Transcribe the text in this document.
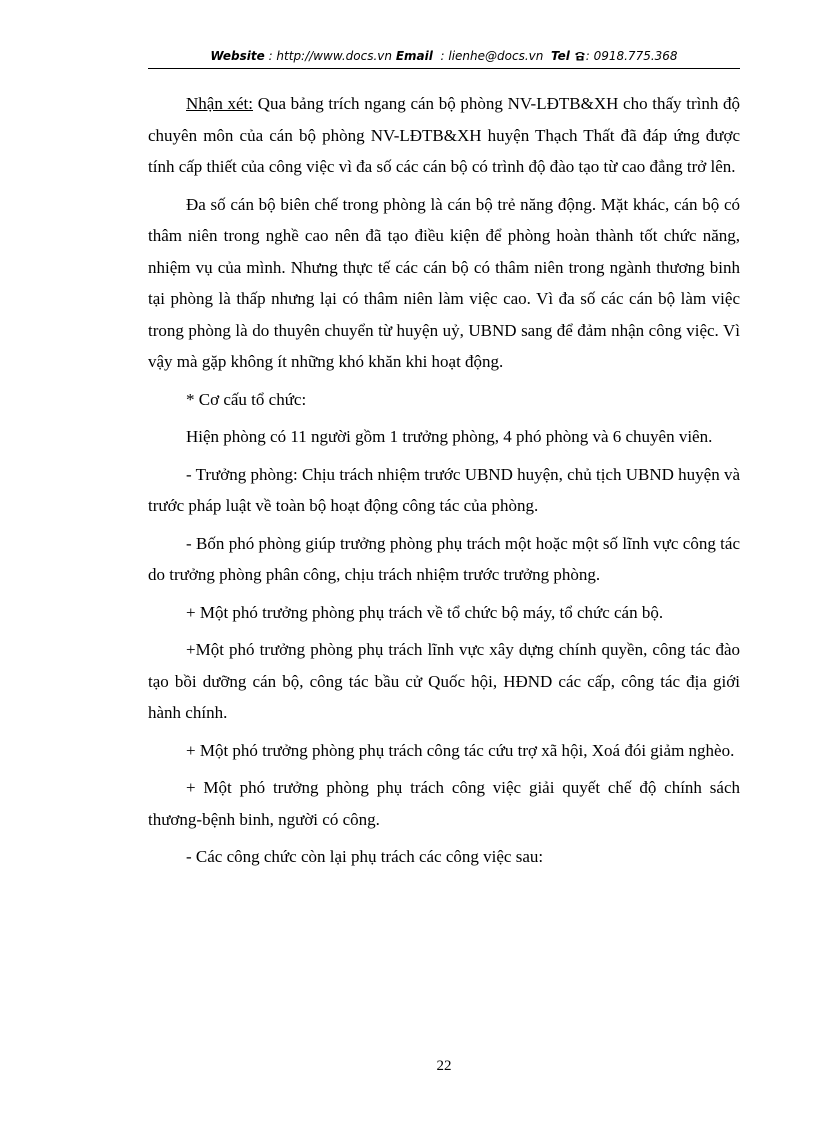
Website : http://www.docs.vn Email  : lienhe@docs.vn Tel : 0918.775.368

Nhận xét: Qua bảng trích ngang cán bộ phòng NV-LĐTB&XH cho thấy trình độ chuyên môn của cán bộ phòng NV-LĐTB&XH huyện Thạch Thất đã đáp ứng được tính cấp thiết của công việc vì đa số các cán bộ có trình độ đào tạo từ cao đẳng trở lên.

Đa số cán bộ biên chế trong phòng là cán bộ trẻ năng động. Mặt khác, cán bộ có thâm niên trong nghề cao nên đã tạo điều kiện để phòng hoàn thành tốt chức năng, nhiệm vụ của mình. Nhưng thực tế các cán bộ có thâm niên trong ngành thương binh tại phòng là thấp nhưng lại có thâm niên làm việc cao. Vì đa số các cán bộ làm việc trong phòng là do thuyên chuyển từ huyện uỷ, UBND sang để đảm nhận công việc. Vì vậy mà gặp không ít những khó khăn khi hoạt động.

* Cơ cấu tổ chức:

Hiện phòng có 11 người gồm 1 trưởng phòng, 4 phó phòng và 6 chuyên viên.

- Trưởng phòng: Chịu trách nhiệm trước UBND huyện, chủ tịch UBND huyện và trước pháp luật về toàn bộ hoạt động công tác của phòng.

- Bốn phó phòng giúp trưởng phòng phụ trách một hoặc một số lĩnh vực công tác do trưởng phòng phân công, chịu trách nhiệm trước trưởng phòng.

+ Một phó trưởng phòng phụ trách về tổ chức bộ máy, tổ chức cán bộ.

+Một phó trưởng phòng phụ trách lĩnh vực xây dựng chính quyền, công tác đào tạo bồi dưỡng cán bộ, công tác bầu cử Quốc hội, HĐND các cấp, công tác địa giới hành chính.

+ Một phó trưởng phòng phụ trách công tác cứu trợ xã hội, Xoá đói giảm nghèo.

+ Một phó trưởng phòng phụ trách công việc giải quyết chế độ chính sách thương-bệnh binh, người có công.

- Các công chức còn lại phụ trách các công việc sau:

22
